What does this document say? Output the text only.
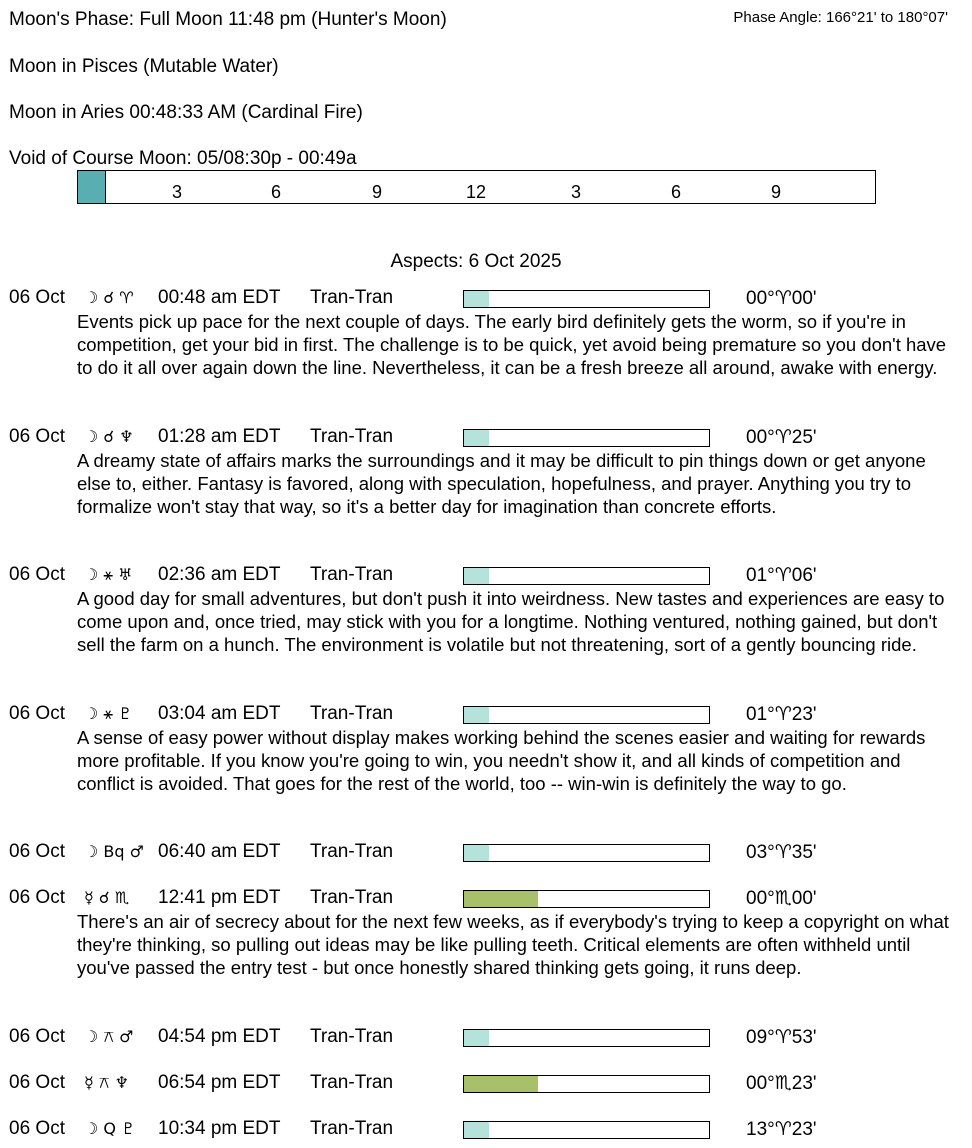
Moon's Phase: Full Moon 11:48 pm (Hunter's Moon)	Phase Angle: 166°21' to 180°07'
Moon in Pisces (Mutable Water)
Moon in Aries 00:48:33 AM (Cardinal Fire)
Void of Course Moon: 05/08:30p - 00:49a
3	6	9	12	3	6	9
Aspects: 6 Oct 2025
06 Oct ☽ ☌ ♈ 00:48 am EDT Tran-Tran	00°♈00'
Events pick up pace for the next couple of days. The early bird definitely gets the worm, so if you're in competition, get your bid in first. The challenge is to be quick, yet avoid being premature so you don't have to do it all over again down the line. Nevertheless, it can be a fresh breeze all around, awake with energy.
06 Oct ☽ ☌ ♆ 01:28 am EDT Tran-Tran	00°♈25'
A dreamy state of affairs marks the surroundings and it may be difficult to pin things down or get anyone else to, either. Fantasy is favored, along with speculation, hopefulness, and prayer. Anything you try to formalize won't stay that way, so it's a better day for imagination than concrete efforts.
06 Oct ☽ ⚹ ♅ 02:36 am EDT Tran-Tran	01°♈06'
A good day for small adventures, but don't push it into weirdness. New tastes and experiences are easy to come upon and, once tried, may stick with you for a longtime. Nothing ventured, nothing gained, but don't sell the farm on a hunch. The environment is volatile but not threatening, sort of a gently bouncing ride.
06 Oct ☽ ⚹ ♇ 03:04 am EDT Tran-Tran	01°♈23'
A sense of easy power without display makes working behind the scenes easier and waiting for rewards more profitable. If you know you're going to win, you needn't show it, and all kinds of competition and conflict is avoided. That goes for the rest of the world, too -- win-win is definitely the way to go.
06 Oct ☽ Bq ♂ 06:40 am EDT Tran-Tran	03°♈35'
06 Oct ☿ ☌ ♏ 12:41 pm EDT Tran-Tran	00°♏00'
There's an air of secrecy about for the next few weeks, as if everybody's trying to keep a copyright on what they're thinking, so pulling out ideas may be like pulling teeth. Critical elements are often withheld until you've passed the entry test - but once honestly shared thinking gets going, it runs deep.
06 Oct ☽ ⚻ ♂ 04:54 pm EDT Tran-Tran	09°♈53'
06 Oct ☿ ⚻ ♆ 06:54 pm EDT Tran-Tran	00°♏23'
06 Oct ☽ Q ♇ 10:34 pm EDT Tran-Tran	13°♈23'
